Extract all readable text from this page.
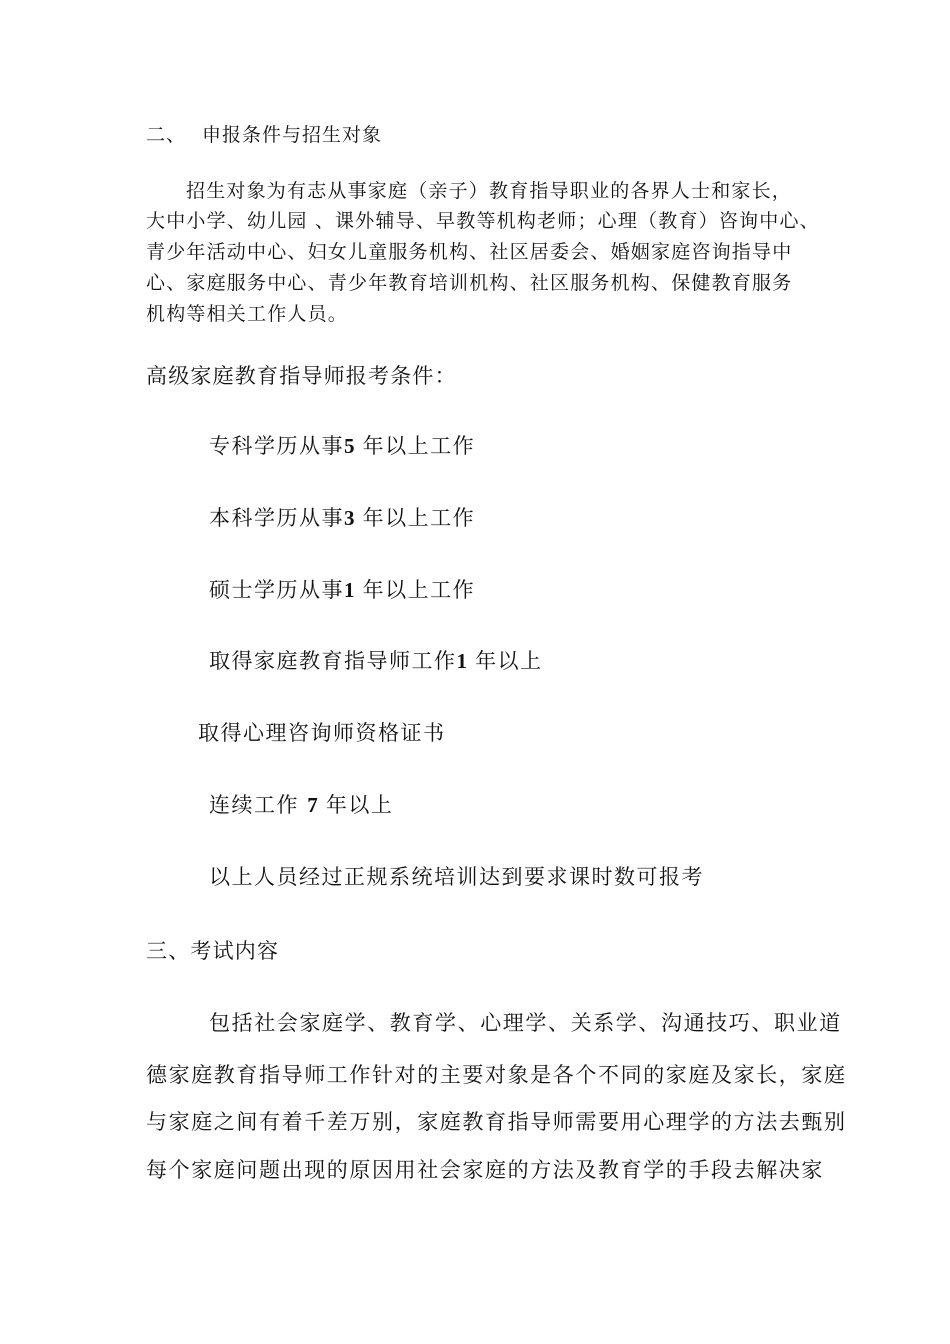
二、 申报条件与招生对象

招生对象为有志从事家庭（亲子）教育指导职业的各界人士和家长，

大中小学、幼儿园 、课外辅导、早教等机构老师；心理（教育）咨询中心、

青少年活动中心、妇女儿童服务机构、社区居委会、婚姻家庭咨询指导中

心、家庭服务中心、青少年教育培训机构、社区服务机构、保健教育服务

机构等相关工作人员。

高级家庭教育指导师报考条件：

专科学历从事5 年以上工作

本科学历从事3 年以上工作

硕士学历从事1 年以上工作

取得家庭教育指导师工作1 年以上

取得心理咨询师资格证书

连续工作 7 年以上

以上人员经过正规系统培训达到要求课时数可报考

三、考试内容

包括社会家庭学、教育学、心理学、关系学、沟通技巧、职业道

德家庭教育指导师工作针对的主要对象是各个不同的家庭及家长，家庭

与家庭之间有着千差万别，家庭教育指导师需要用心理学的方法去甄别

每个家庭问题出现的原因用社会家庭的方法及教育学的手段去解决家
